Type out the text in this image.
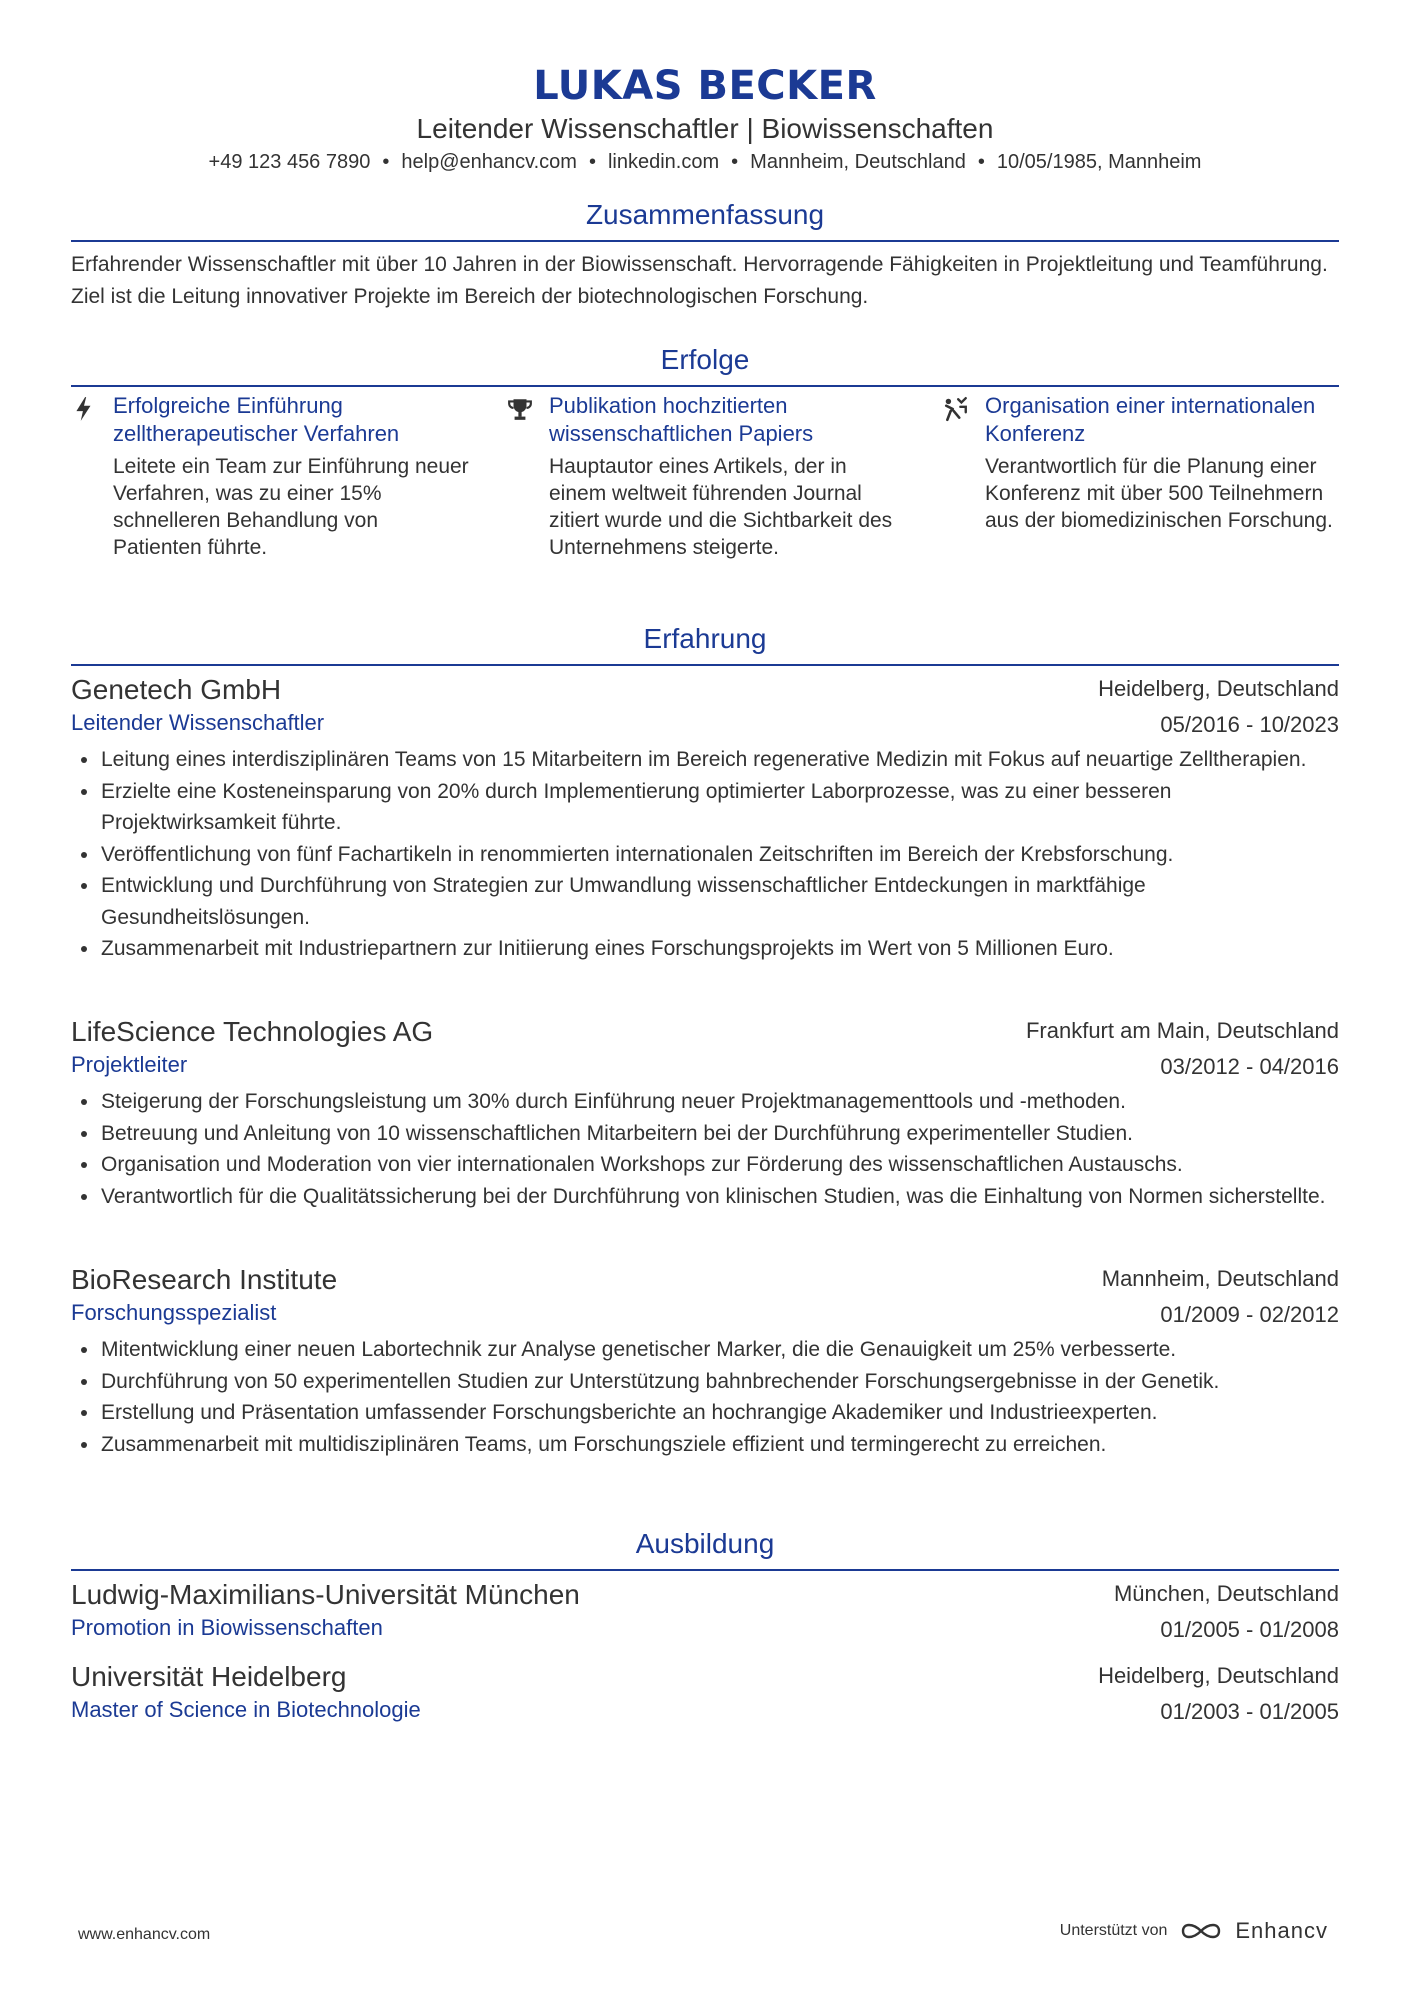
LUKAS BECKER
Leitender Wissenschaftler | Biowissenschaften
+49 123 456 7890 • help@enhancv.com • linkedin.com • Mannheim, Deutschland • 10/05/1985, Mannheim
Zusammenfassung
Erfahrender Wissenschaftler mit über 10 Jahren in der Biowissenschaft. Hervorragende Fähigkeiten in Projektleitung und Teamführung. Ziel ist die Leitung innovativer Projekte im Bereich der biotechnologischen Forschung.
Erfolge
Erfolgreiche Einführung zelltherapeutischer Verfahren
Leitete ein Team zur Einführung neuer Verfahren, was zu einer 15% schnelleren Behandlung von Patienten führte.
Publikation hochzitierten wissenschaftlichen Papiers
Hauptautor eines Artikels, der in einem weltweit führenden Journal zitiert wurde und die Sichtbarkeit des Unternehmens steigerte.
Organisation einer internationalen Konferenz
Verantwortlich für die Planung einer Konferenz mit über 500 Teilnehmern aus der biomedizinischen Forschung.
Erfahrung
Genetech GmbH	Heidelberg, Deutschland
Leitender Wissenschaftler	05/2016 - 10/2023
Leitung eines interdisziplinären Teams von 15 Mitarbeitern im Bereich regenerative Medizin mit Fokus auf neuartige Zelltherapien.
Erzielte eine Kosteneinsparung von 20% durch Implementierung optimierter Laborprozesse, was zu einer besseren Projektwirksamkeit führte.
Veröffentlichung von fünf Fachartikeln in renommierten internationalen Zeitschriften im Bereich der Krebsforschung.
Entwicklung und Durchführung von Strategien zur Umwandlung wissenschaftlicher Entdeckungen in marktfähige Gesundheitslösungen.
Zusammenarbeit mit Industriepartnern zur Initiierung eines Forschungsprojekts im Wert von 5 Millionen Euro.
LifeScience Technologies AG	Frankfurt am Main, Deutschland
Projektleiter	03/2012 - 04/2016
Steigerung der Forschungsleistung um 30% durch Einführung neuer Projektmanagementtools und -methoden.
Betreuung und Anleitung von 10 wissenschaftlichen Mitarbeitern bei der Durchführung experimenteller Studien.
Organisation und Moderation von vier internationalen Workshops zur Förderung des wissenschaftlichen Austauschs.
Verantwortlich für die Qualitätssicherung bei der Durchführung von klinischen Studien, was die Einhaltung von Normen sicherstellte.
BioResearch Institute	Mannheim, Deutschland
Forschungsspezialist	01/2009 - 02/2012
Mitentwicklung einer neuen Labortechnik zur Analyse genetischer Marker, die die Genauigkeit um 25% verbesserte.
Durchführung von 50 experimentellen Studien zur Unterstützung bahnbrechender Forschungsergebnisse in der Genetik.
Erstellung und Präsentation umfassender Forschungsberichte an hochrangige Akademiker und Industrieexperten.
Zusammenarbeit mit multidisziplinären Teams, um Forschungsziele effizient und termingerecht zu erreichen.
Ausbildung
Ludwig-Maximilians-Universität München	München, Deutschland
Promotion in Biowissenschaften	01/2005 - 01/2008
Universität Heidelberg	Heidelberg, Deutschland
Master of Science in Biotechnologie	01/2003 - 01/2005
www.enhancv.com	Unterstützt von	Enhancv
